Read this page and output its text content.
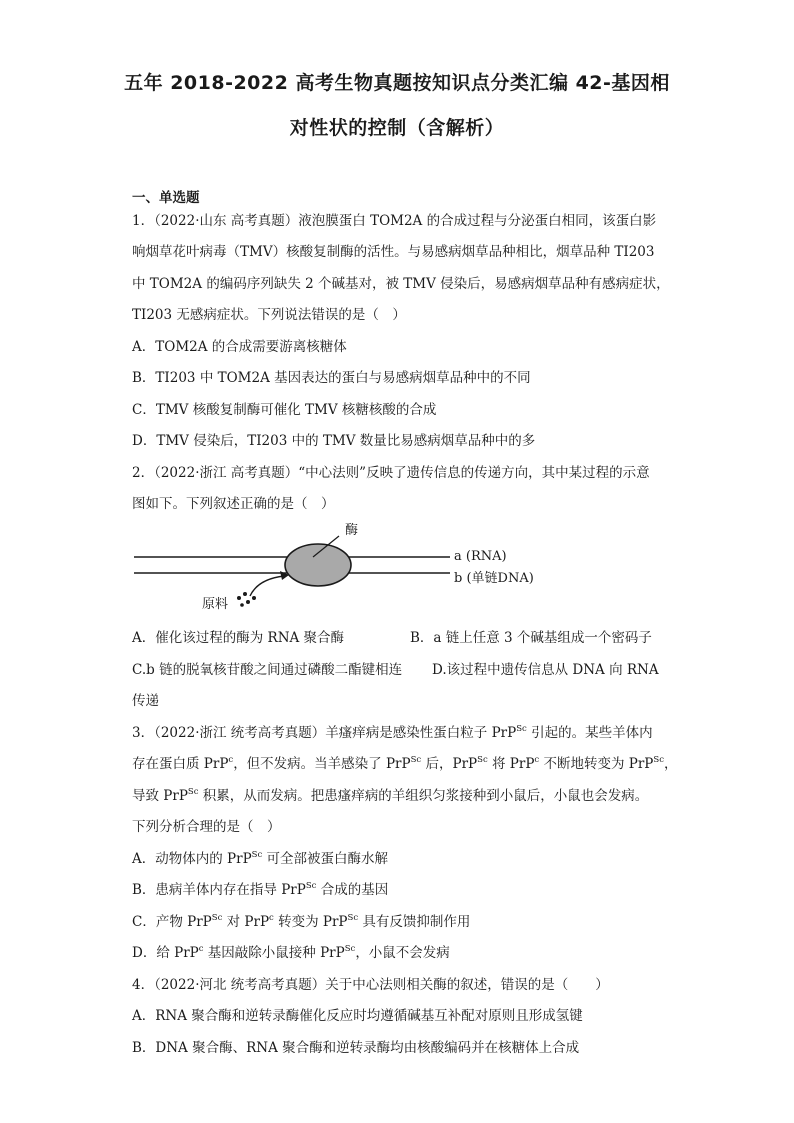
五年 2018-2022 高考生物真题按知识点分类汇编 42-基因相
对性状的控制（含解析）
一、单选题
1．（2022·山东 高考真题）液泡膜蛋白 TOM2A 的合成过程与分泌蛋白相同，该蛋白影
响烟草花叶病毒（TMV）核酸复制酶的活性。与易感病烟草品种相比，烟草品种 TI203
中 TOM2A 的编码序列缺失 2 个碱基对，被 TMV 侵染后，易感病烟草品种有感病症状，
TI203 无感病症状。下列说法错误的是（　）
A．TOM2A 的合成需要游离核糖体
B．TI203 中 TOM2A 基因表达的蛋白与易感病烟草品种中的不同
C．TMV 核酸复制酶可催化 TMV 核糖核酸的合成
D．TMV 侵染后，TI203 中的 TMV 数量比易感病烟草品种中的多
2．（2022·浙江 高考真题）“中心法则”反映了遗传信息的传递方向，其中某过程的示意
图如下。下列叙述正确的是（　）
酶
a (RNA)
b (单链DNA)
原料
A．催化该过程的酶为 RNA 聚合酶	B．a 链上任意 3 个碱基组成一个密码子
C.b 链的脱氧核苷酸之间通过磷酸二酯键相连 D.该过程中遗传信息从 DNA 向 RNA
传递
3．（2022·浙江 统考高考真题）羊瘙痒病是感染性蛋白粒子 PrP$^{Sc}$ 引起的。某些羊体内
存在蛋白质 PrP$^c$，但不发病。当羊感染了 PrP$^{Sc}$ 后，PrP$^{Sc}$ 将 PrP$^c$ 不断地转变为 PrP$^{Sc}$，
导致 PrP$^{Sc}$ 积累，从而发病。把患瘙痒病的羊组织匀浆接种到小鼠后，小鼠也会发病。
下列分析合理的是（　）
A．动物体内的 PrP$^{Sc}$ 可全部被蛋白酶水解
B．患病羊体内存在指导 PrP$^{Sc}$ 合成的基因
C．产物 PrP$^{Sc}$ 对 PrP$^c$ 转变为 PrP$^{Sc}$ 具有反馈抑制作用
D．给 PrP$^c$ 基因敲除小鼠接种 PrP$^{Sc}$，小鼠不会发病
4．（2022·河北 统考高考真题）关于中心法则相关酶的叙述，错误的是（　　）
A．RNA 聚合酶和逆转录酶催化反应时均遵循碱基互补配对原则且形成氢键
B．DNA 聚合酶、RNA 聚合酶和逆转录酶均由核酸编码并在核糖体上合成
